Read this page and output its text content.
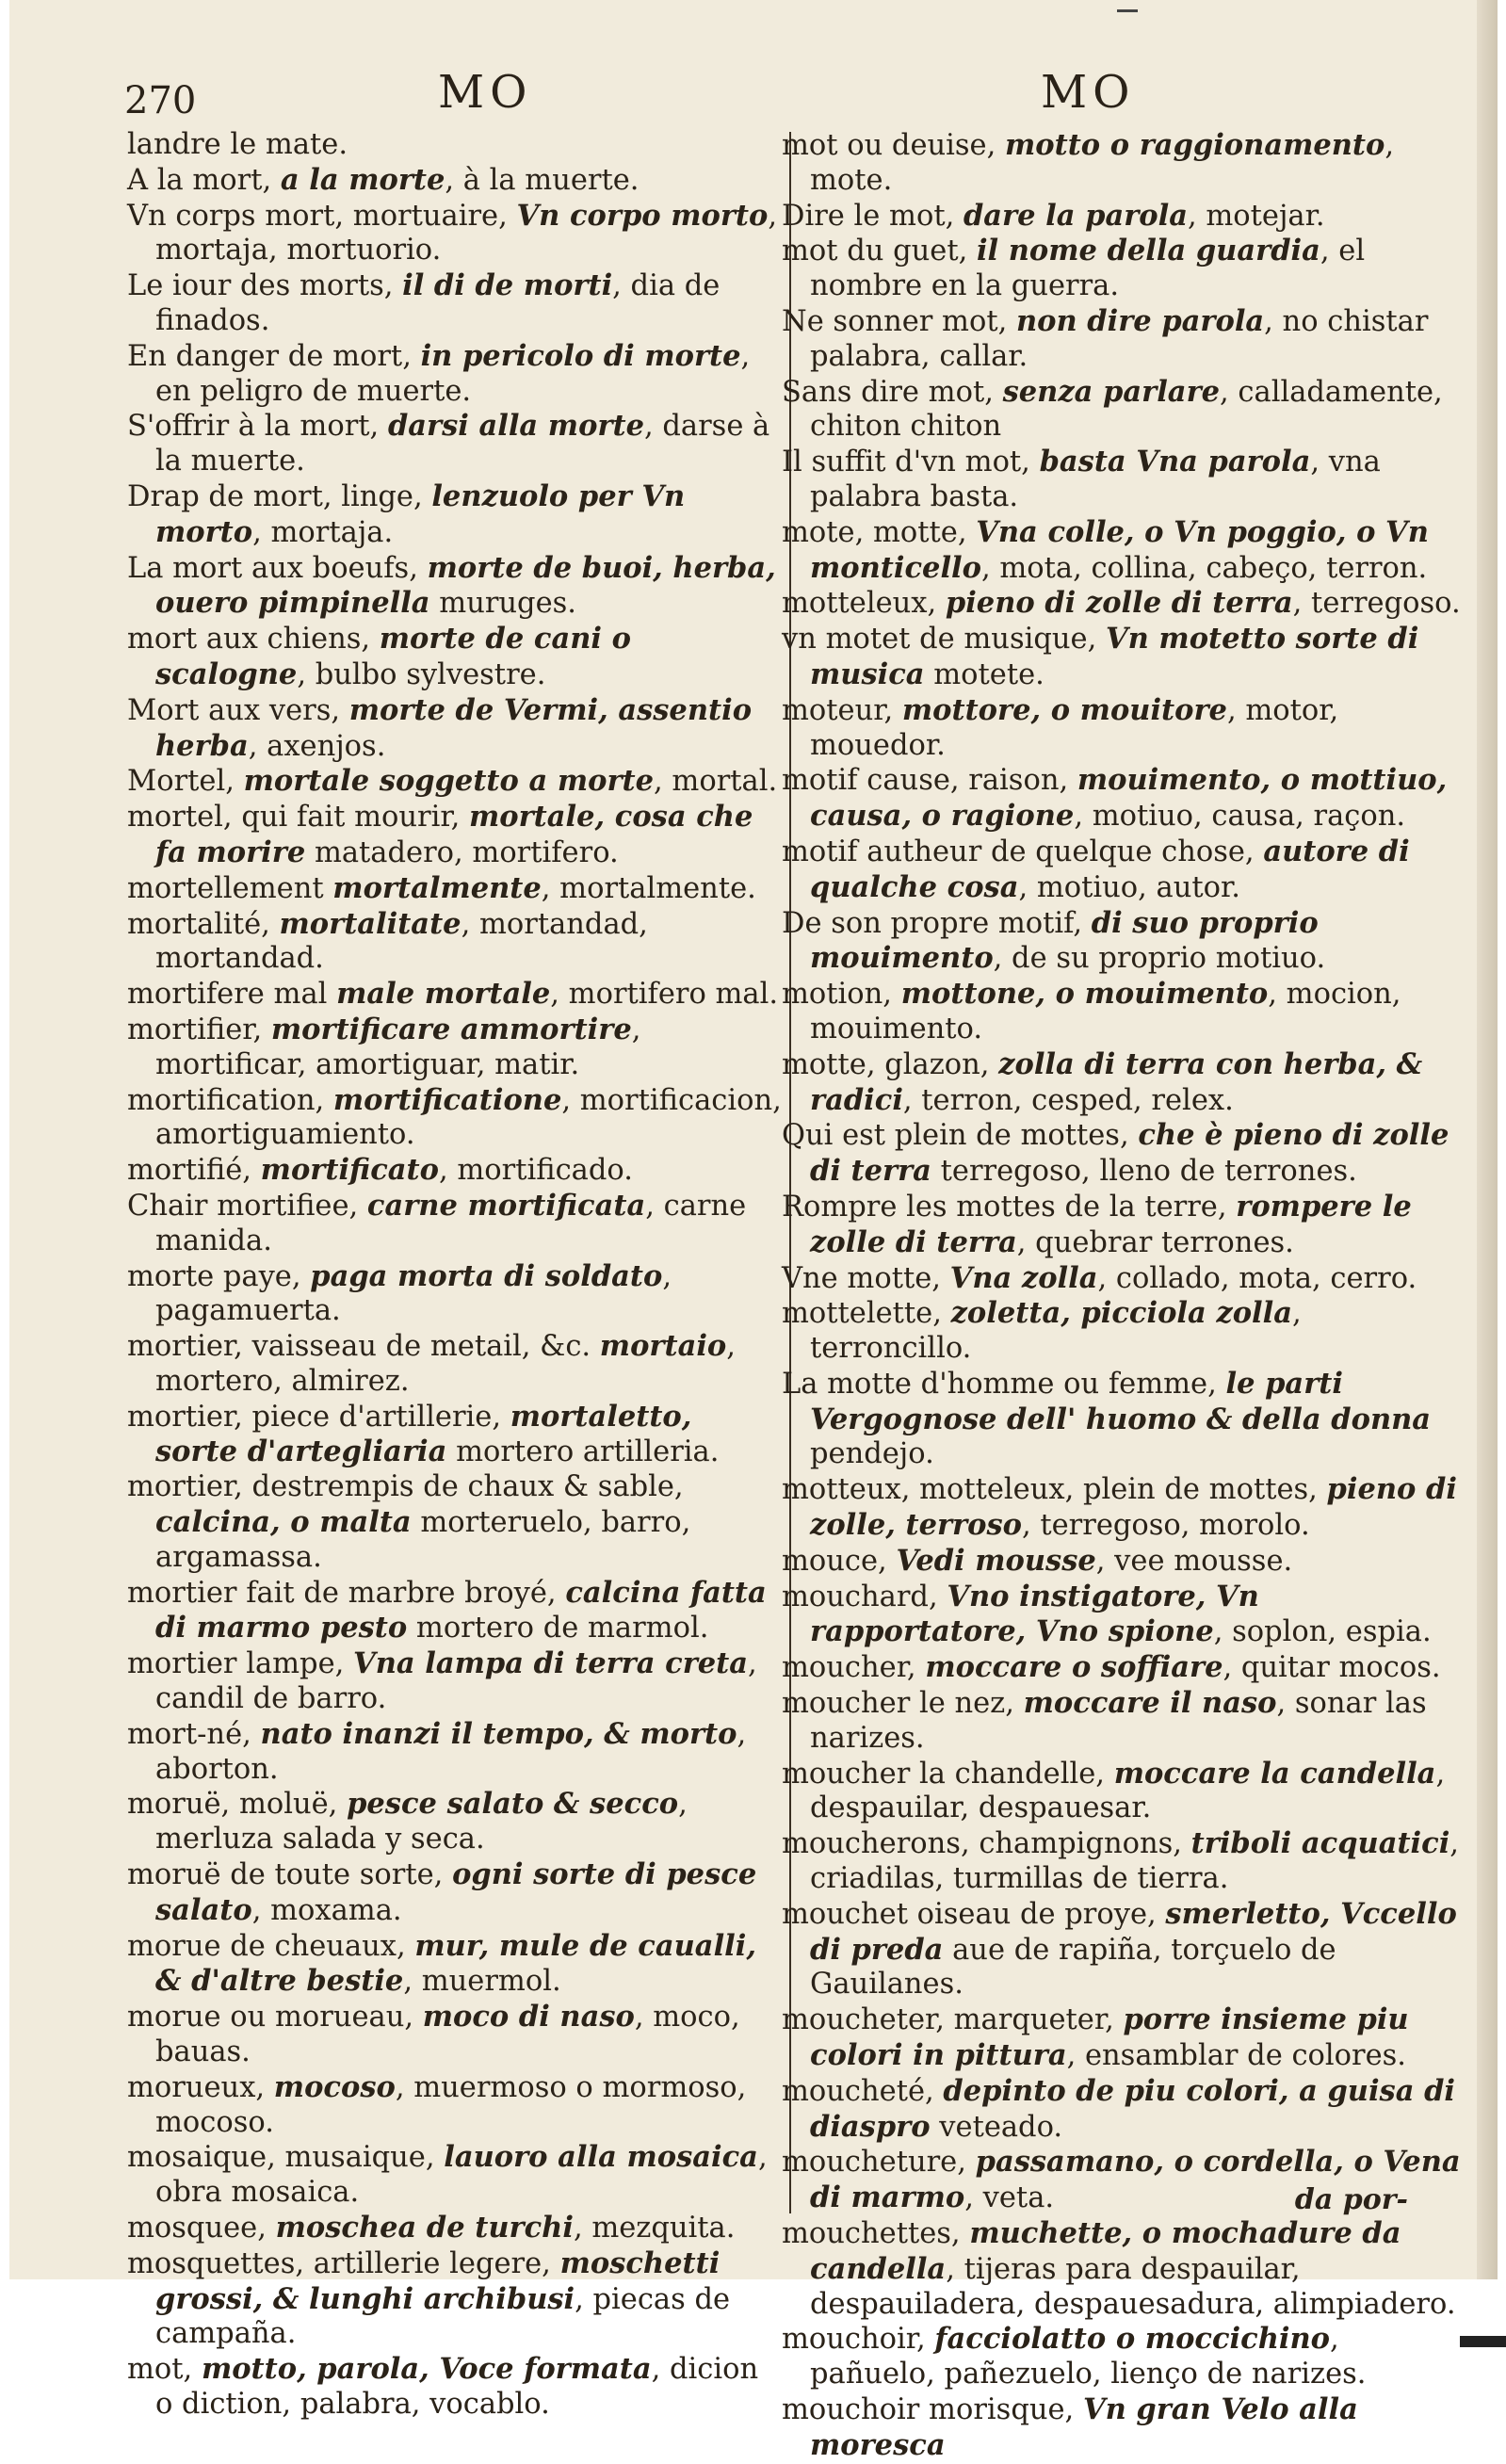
270	MO	MO
landre le mate.
A la mort, a la morte, à la muerte.
Vn corps mort, mortuaire, Vn corpo morto, mortaja, mortuorio.
Le iour des morts, il di de morti, dia de finados.
En danger de mort, in pericolo di morte, en peligro de muerte.
S'offrir à la mort, darsi alla morte, darse à la muerte.
Drap de mort, linge, lenzuolo per Vn morto, mortaja.
La mort aux boeufs, morte de buoi, herba, ouero pimpinella muruges.
mort aux chiens, morte de cani o scalogne, bulbo sylvestre.
Mort aux vers, morte de Vermi, assentio herba, axenjos.
Mortel, mortale soggetto a morte, mortal.
mortel, qui fait mourir, mortale, cosa che fa morire matadero, mortifero.
mortellement mortalmente, mortalmente.
mortalité, mortalitate, mortandad, mortandad.
mortifere mal male mortale, mortifero mal.
mortifier, mortificare ammortire, mortificar, amortiguar, matir.
mortification, mortificatione, mortificacion, amortiguamiento.
mortifié, mortificato, mortificado.
Chair mortifiee, carne mortificata, carne manida.
morte paye, paga morta di soldato, pagamuerta.
mortier, vaisseau de metail, &c. mortaio, mortero, almirez.
mortier, piece d'artillerie, mortaletto, sorte d'artegliaria mortero artilleria.
mortier, destrempis de chaux & sable, calcina, o malta morteruelo, barro, argamassa.
mortier fait de marbre broyé, calcina fatta di marmo pesto mortero de marmol.
mortier lampe, Vna lampa di terra creta, candil de barro.
mort-né, nato inanzi il tempo, & morto, aborton.
moruë, moluë, pesce salato & secco, merluza salada y seca.
moruë de toute sorte, ogni sorte di pesce salato, moxama.
morue de cheuaux, mur, mule de caualli, & d'altre bestie, muermol.
morue ou morueau, moco di naso, moco, bauas.
morueux, mocoso, muermoso o mormoso, mocoso.
mosaique, musaique, lauoro alla mosaica, obra mosaica.
mosquee, moschea de turchi, mezquita.
mosquettes, artillerie legere, moschetti grossi, & lunghi archibusi, piecas de campaña.
mot, motto, parola, Voce formata, dicion o diction, palabra, vocablo.
mot ou deuise, motto o raggionamento, mote.
Dire le mot, dare la parola, motejar.
mot du guet, il nome della guardia, el nombre en la guerra.
Ne sonner mot, non dire parola, no chistar palabra, callar.
Sans dire mot, senza parlare, calladamente, chiton chiton
Il suffit d'vn mot, basta Vna parola, vna palabra basta.
mote, motte, Vna colle, o Vn poggio, o Vn monticello, mota, collina, cabeço, terron.
motteleux, pieno di zolle di terra, terregoso.
vn motet de musique, Vn motetto sorte di musica motete.
moteur, mottore, o mouitore, motor, mouedor.
motif cause, raison, mouimento, o mottiuo, causa, o ragione, motiuo, causa, raçon.
motif autheur de quelque chose, autore di qualche cosa, motiuo, autor.
De son propre motif, di suo proprio mouimento, de su proprio motiuo.
motion, mottone, o mouimento, mocion, mouimento.
motte, glazon, zolla di terra con herba, & radici, terron, cesped, relex.
Qui est plein de mottes, che è pieno di zolle di terra terregoso, lleno de terrones.
Rompre les mottes de la terre, rompere le zolle di terra, quebrar terrones.
Vne motte, Vna zolla, collado, mota, cerro.
mottelette, zoletta, picciola zolla, terroncillo.
La motte d'homme ou femme, le parti Vergognose dell' huomo & della donna pendejo.
motteux, motteleux, plein de mottes, pieno di zolle, terroso, terregoso, morolo.
mouce, Vedi mousse, vee mousse.
mouchard, Vno instigatore, Vn rapportatore, Vno spione, soplon, espia.
moucher, moccare o soffiare, quitar mocos.
moucher le nez, moccare il naso, sonar las narizes.
moucher la chandelle, moccare la candella, despauilar, despauesar.
moucherons, champignons, triboli acquatici, criadilas, turmillas de tierra.
mouchet oiseau de proye, smerletto, Vccello di preda aue de rapiña, torçuelo de Gauilanes.
moucheter, marqueter, porre insieme piu colori in pittura, ensamblar de colores.
moucheté, depinto de piu colori, a guisa di diaspro veteado.
moucheture, passamano, o cordella, o Vena di marmo, veta.
mouchettes, muchette, o mochadure da candella, tijeras para despauilar, despauiladera, despauesadura, alimpiadero.
mouchoir, facciolatto o moccichino, pañuelo, pañezuelo, lienço de narizes.
mouchoir morisque, Vn gran Velo alla moresca
da por-
